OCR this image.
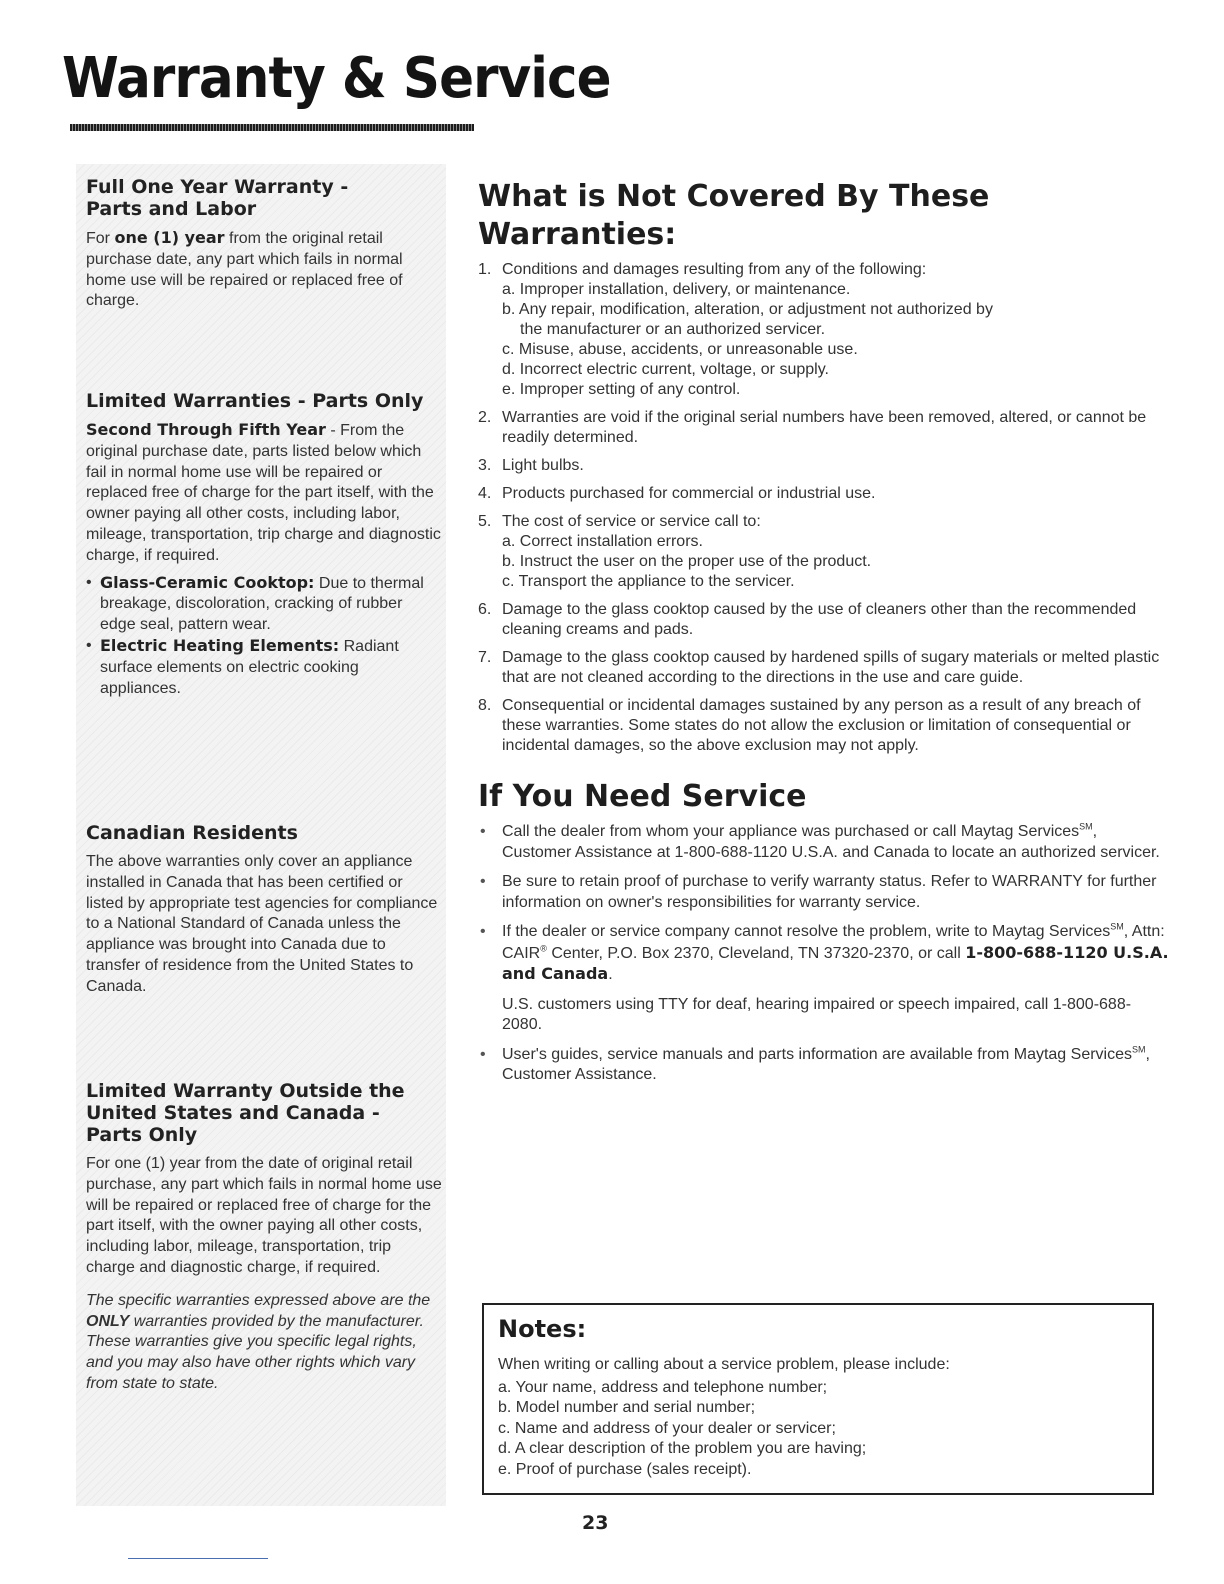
Warranty & Service
Full One Year Warranty -
Parts and Labor

For one (1) year from the original retail purchase date, any part which fails in normal home use will be repaired or replaced free of charge.

Limited Warranties - Parts Only

Second Through Fifth Year - From the original purchase date, parts listed below which fail in normal home use will be repaired or replaced free of charge for the part itself, with the owner paying all other costs, including labor, mileage, transportation, trip charge and diagnostic charge, if required.

• Glass-Ceramic Cooktop: Due to thermal breakage, discoloration, cracking of rubber edge seal, pattern wear.
• Electric Heating Elements: Radiant surface elements on electric cooking appliances.
Canadian Residents

The above warranties only cover an appliance installed in Canada that has been certified or listed by appropriate test agencies for compliance to a National Standard of Canada unless the appliance was brought into Canada due to transfer of residence from the United States to Canada.

Limited Warranty Outside the
United States and Canada -
Parts Only

For one (1) year from the date of original retail purchase, any part which fails in normal home use will be repaired or replaced free of charge for the part itself, with the owner paying all other costs, including labor, mileage, transportation, trip charge and diagnostic charge, if required.

The specific warranties expressed above are the ONLY warranties provided by the manufacturer. These warranties give you specific legal rights, and you may also have other rights which vary from state to state.

What is Not Covered By These
Warranties:
1. Conditions and damages resulting from any of the following:
a. Improper installation, delivery, or maintenance.
b. Any repair, modification, alteration, or adjustment not authorized by
the manufacturer or an authorized servicer.
c. Misuse, abuse, accidents, or unreasonable use.
d. Incorrect electric current, voltage, or supply.
e. Improper setting of any control.
2. Warranties are void if the original serial numbers have been removed, altered, or cannot be readily determined.
3. Light bulbs.
4. Products purchased for commercial or industrial use.
5. The cost of service or service call to:
a. Correct installation errors.
b. Instruct the user on the proper use of the product.
c. Transport the appliance to the servicer.
6. Damage to the glass cooktop caused by the use of cleaners other than the recommended cleaning creams and pads.
7. Damage to the glass cooktop caused by hardened spills of sugary materials or melted plastic that are not cleaned according to the directions in the use and care guide.
8. Consequential or incidental damages sustained by any person as a result of any breach of these warranties. Some states do not allow the exclusion or limitation of consequential or incidental damages, so the above exclusion may not apply.
If You Need Service
• Call the dealer from whom your appliance was purchased or call Maytag Services℠, Customer Assistance at 1-800-688-1120 U.S.A. and Canada to locate an authorized servicer.
• Be sure to retain proof of purchase to verify warranty status. Refer to WARRANTY for further information on owner's responsibilities for warranty service.
• If the dealer or service company cannot resolve the problem, write to Maytag Services℠, Attn: CAIR® Center, P.O. Box 2370, Cleveland, TN 37320-2370, or call 1-800-688-1120 U.S.A. and Canada.
U.S. customers using TTY for deaf, hearing impaired or speech impaired, call 1-800-688-2080.
• User's guides, service manuals and parts information are available from Maytag Services℠, Customer Assistance.
Notes:

When writing or calling about a service problem, please include:

a. Your name, address and telephone number;
b. Model number and serial number;
c. Name and address of your dealer or servicer;
d. A clear description of the problem you are having;
e. Proof of purchase (sales receipt).
23
